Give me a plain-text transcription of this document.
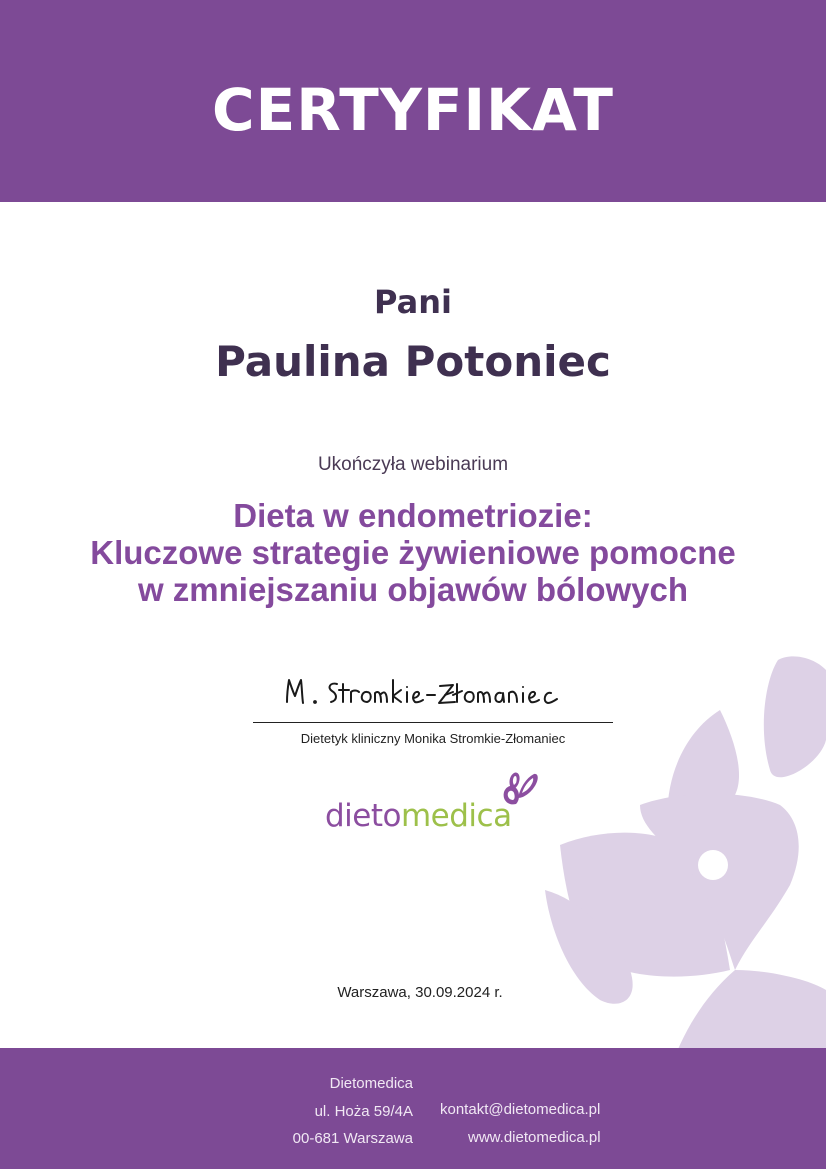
CERTYFIKAT
Pani
Paulina Potoniec
Ukończyła webinarium
Dieta w endometriozie:
Kluczowe strategie żywieniowe pomocne
w zmniejszaniu objawów bólowych
Dietetyk kliniczny Monika Stromkie-Złomaniec
dietomedica
Warszawa, 30.09.2024 r.
Dietomedica
ul. Hoża 59/4A
00-681 Warszawa
kontakt@dietomedica.pl
www.dietomedica.pl
